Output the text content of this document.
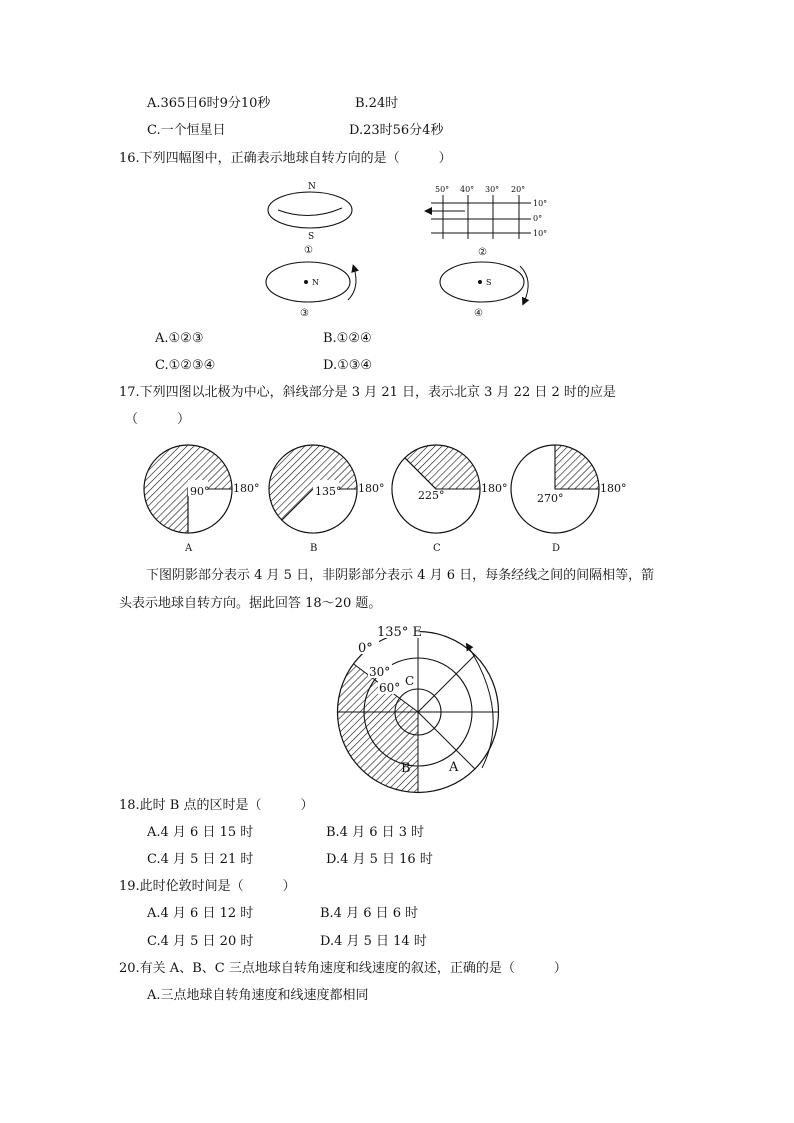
A.365日6时9分10秒	B.24时
C.一个恒星日	D.23时56分4秒
16.下列四幅图中，正确表示地球自转方向的是（　　　）
N
S
①
50° 40° 30° 20°
10°
0°
10°
②
N
③
S
④
A.①②③	B.①②④
C.①②③④	D.①③④
17.下列四图以北极为中心，斜线部分是 3 月 21 日，表示北京 3 月 22 日 2 时的应是
（　　　）
90° 180°
A
135° 180°
B
225°
180°
C
270°
180°
D
下图阴影部分表示 4 月 5 日，非阴影部分表示 4 月 6 日，每条经线之间的间隔相等，箭
头表示地球自转方向。据此回答 18～20 题。
135° E
0°
30°
C
60°
B	A
18.此时 B 点的区时是（　　　）
A.4 月 6 日 15 时	B.4 月 6 日 3 时
C.4 月 5 日 21 时	D.4 月 5 日 16 时
19.此时伦敦时间是（　　　）
A.4 月 6 日 12 时	B.4 月 6 日 6 时
C.4 月 5 日 20 时	D.4 月 5 日 14 时
20.有关 A、B、C 三点地球自转角速度和线速度的叙述，正确的是（　　　）
A.三点地球自转角速度和线速度都相同
